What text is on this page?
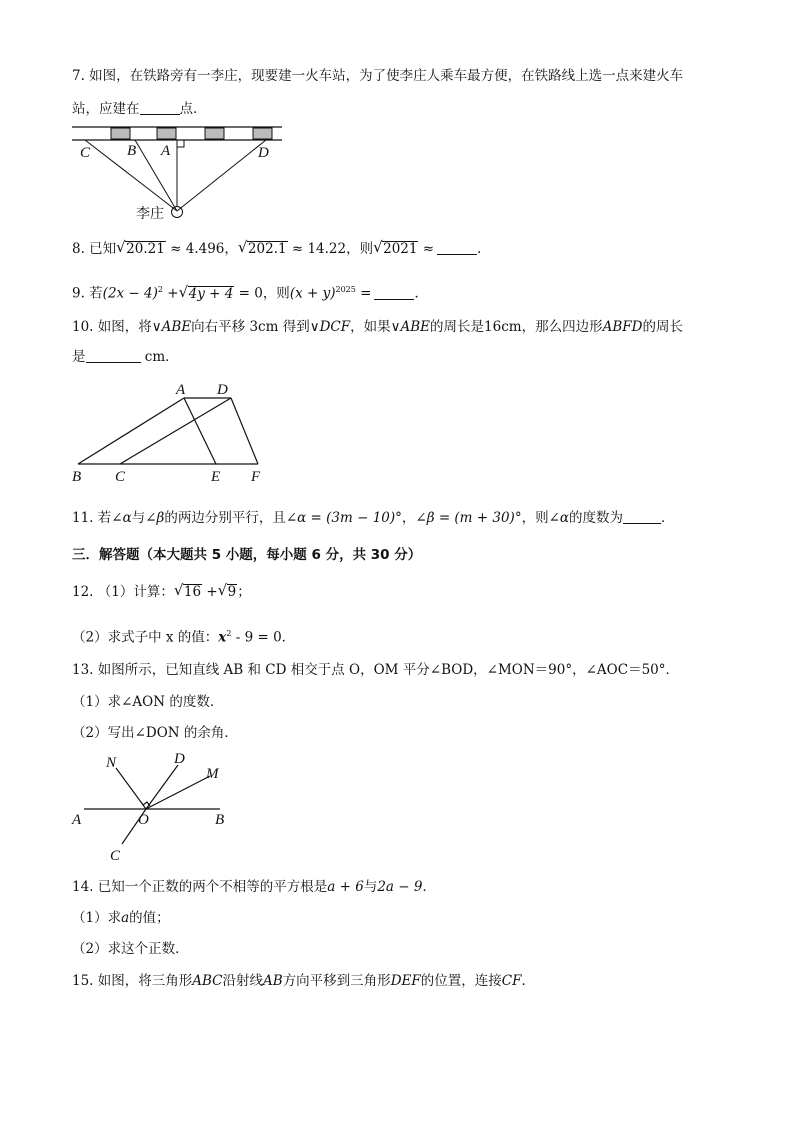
7. 如图，在铁路旁有一李庄，现要建一火车站，为了使李庄人乘车最方便，在铁路线上选一点来建火车
站，应建在	点．
C B A	D
李庄
8. 已知 √ 20.21 ≈ 4.496， √ 202.1 ≈ 14.22，则 √ 2021 ≈	．
9. 若$(2x - 4)^2$ + √ 4y + 4 = 0，则$(x + y)^{2025}$ =	．
10. 如图，将∨ABE向右平移 3cm 得到∨DCF，如果∨ABE的周长是16cm，那么四边形ABFD的周长
是	cm．
A D
B C	E F
11. 若∠α与∠β的两边分别平行，且∠α = (3m − 10)°，∠β = (m + 30)°，则∠α的度数为	．
三．解答题（本大题共 5 小题，每小题 6 分，共 30 分）
12. （1）计算： √ 16 + √ 9；
（2）求式子中 x 的值：$x^2 - 9 = 0$．
13. 如图所示，已知直线 AB 和 CD 相交于点 O，OM 平分∠BOD，∠MON＝90°，∠AOC＝50°．
（1）求∠AON 的度数．
（2）写出∠DON 的余角．
N	D
M
A	O	B
C
14. 已知一个正数的两个不相等的平方根是a + 6与2a − 9．
（1）求a的值；
（2）求这个正数．
15. 如图，将三角形ABC沿射线AB方向平移到三角形DEF的位置，连接CF．
